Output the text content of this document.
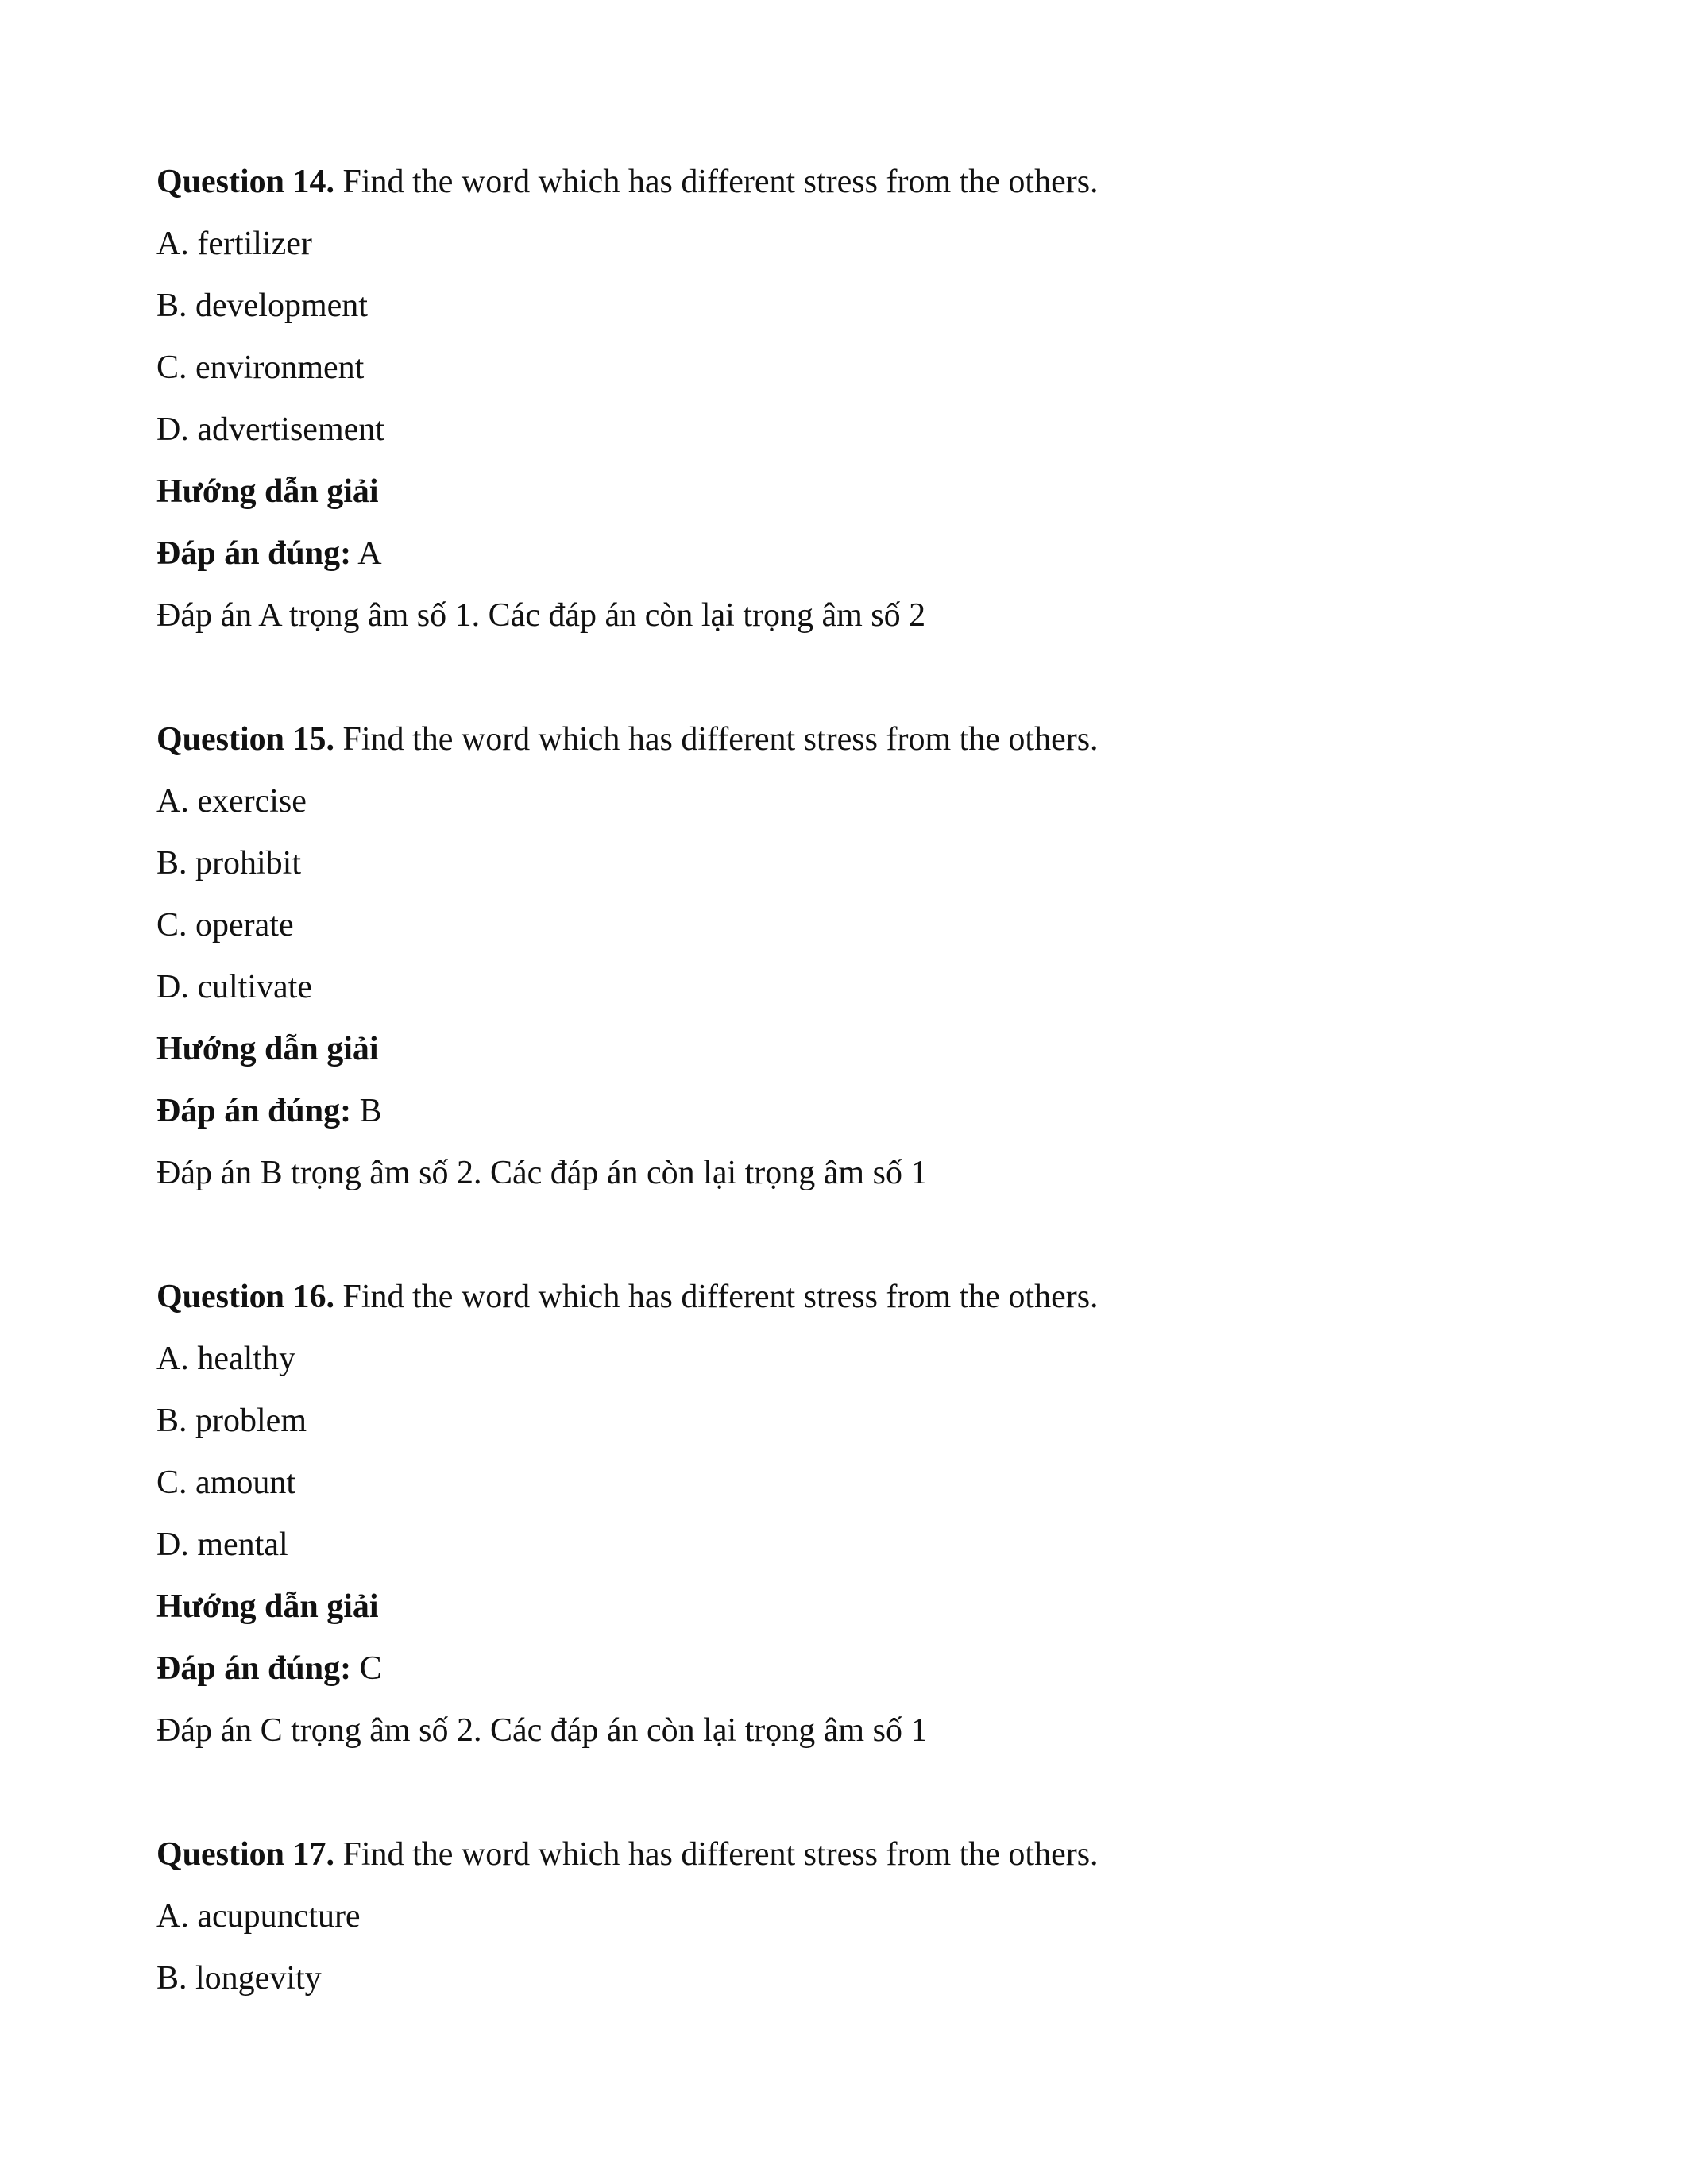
Question 14. Find the word which has different stress from the others.
A. fertilizer
B. development
C. environment
D. advertisement
Hướng dẫn giải
Đáp án đúng: A
Đáp án A trọng âm số 1. Các đáp án còn lại trọng âm số 2
Question 15. Find the word which has different stress from the others.
A. exercise
B. prohibit
C. operate
D. cultivate
Hướng dẫn giải
Đáp án đúng: B
Đáp án B trọng âm số 2. Các đáp án còn lại trọng âm số 1
Question 16. Find the word which has different stress from the others.
A. healthy
B. problem
C. amount
D. mental
Hướng dẫn giải
Đáp án đúng: C
Đáp án C trọng âm số 2. Các đáp án còn lại trọng âm số 1
Question 17. Find the word which has different stress from the others.
A. acupuncture
B. longevity
